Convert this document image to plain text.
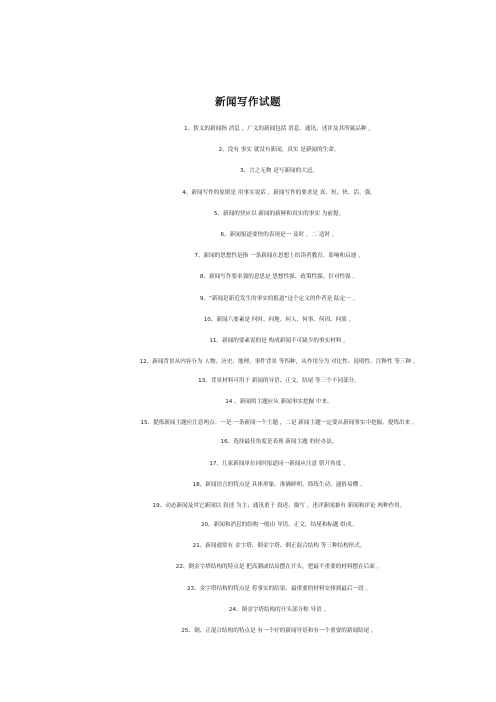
新闻写作试题

1、狭义的新闻指 消息 ，广义的新闻包括 消息、通讯、述评及其所属品种 。

2、没有 事实 就没有新闻，真实 是新闻的生命。

3、言之无物 是写新闻的大忌。

4、新闻写作的原则是 用事实说话 ，新闻写作的要求是 真、短、快、活、强。

5、新闻的快应以 新闻的新鲜和真实的事实 为前提。

6、新闻报道要快的表现是一 及时 、二 适时 。

7、新闻的思想性是指 一条新闻在思想上给读者教育、影响和启迪 。

8、新闻写作要求强的意思是 思想性强、政策性强、针对性强 。

9、“新闻是新近发生的事实的报道”这个定义的作者是 陆定一 。

10、新闻六要素是 何时、何地、何人、何事、何因、何果 。

11、新闻的要素说的是 构成新闻不可缺少的事实材料 。

12、新闻背景从内容分为 人物、历史、地理、事件背景 等四种，从作用分为 对比性、说明性、注释性 等三种 。

13、背景材料可用于 新闻的导语、正文、结尾 等三个不同部分。

14 、新闻的主题应从 新闻事实挖掘 中来。

15、提炼新闻主题应注意两点：一是 一条新闻一个主题 ，二是 新闻主题一定要从新闻事实中挖掘、提炼出来 。

16、选择最佳角度是表现 新闻主题 的好办法。

17、几家新闻单位同时报道同一新闻应注意 错开角度 。

18、新闻语言的特点是 具体形象、准确鲜明、简练生动、通俗易懂 。

19、动态新闻及其它新闻以 叙述 为主；通讯重于 叙述、描写 ，述评新闻兼有 新闻和评论 两种作用。

20、新闻和消息的结构一般由 导语、正文、结尾和标题 组成。

21、新闻通常有 金字塔、倒金字塔、倒正混合结构 等三种结构形式。

22、倒金字塔结构的特点是 把高潮或结局摆在开头，把最不重要的材料摆在后面 。

23、金字塔结构的特点是 将事实的结果、最重要的材料安排到最后一段 。

24、倒金字塔结构的开头部分称 导语 。

25、倒、正混合结构的特点是 有一个好的新闻导语和有一个重要的新闻结尾 。
